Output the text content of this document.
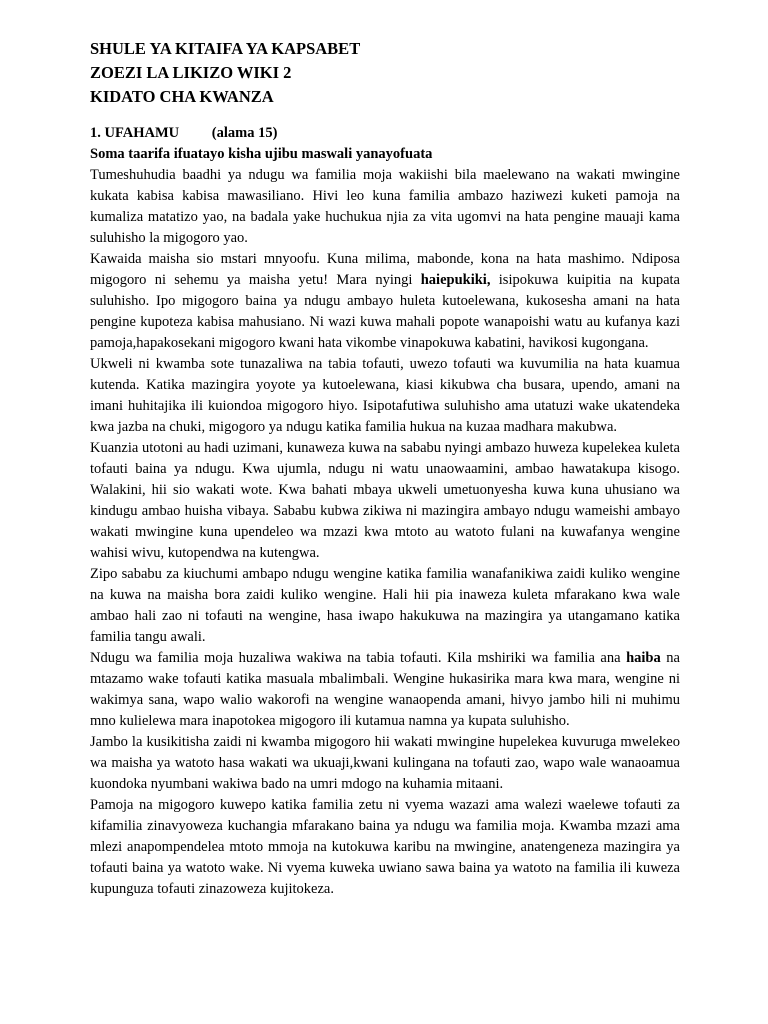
SHULE YA KITAIFA YA KAPSABET

ZOEZI LA LIKIZO WIKI 2

KIDATO CHA KWANZA

1. UFAHAMU (alama 15)

Soma taarifa ifuatayo kisha ujibu maswali yanayofuata

Tumeshuhudia baadhi ya ndugu wa familia moja wakiishi bila maelewano na wakati mwingine kukata kabisa kabisa mawasiliano. Hivi leo kuna familia ambazo haziwezi kuketi pamoja na kumaliza matatizo yao, na badala yake huchukua njia za vita ugomvi na hata pengine mauaji kama suluhisho la migogoro yao.

Kawaida maisha sio mstari mnyoofu. Kuna milima, mabonde, kona na hata mashimo. Ndiposa migogoro ni sehemu ya maisha yetu! Mara nyingi haiepukiki, isipokuwa kuipitia na kupata suluhisho. Ipo migogoro baina ya ndugu ambayo huleta kutoelewana, kukosesha amani na hata pengine kupoteza kabisa mahusiano. Ni wazi kuwa mahali popote wanapoishi watu au kufanya kazi pamoja,hapakosekani migogoro kwani hata vikombe vinapokuwa kabatini, havikosi kugongana.

Ukweli ni kwamba sote tunazaliwa na tabia tofauti, uwezo tofauti wa kuvumilia na hata kuamua kutenda. Katika mazingira yoyote ya kutoelewana, kiasi kikubwa cha busara, upendo, amani na imani huhitajika ili kuiondoa migogoro hiyo. Isipotafutiwa suluhisho ama utatuzi wake ukatendeka kwa jazba na chuki, migogoro ya ndugu katika familia hukua na kuzaa madhara makubwa.

Kuanzia utotoni au hadi uzimani, kunaweza kuwa na sababu nyingi ambazo huweza kupelekea kuleta tofauti baina ya ndugu. Kwa ujumla, ndugu ni watu unaowaamini, ambao hawatakupa kisogo. Walakini, hii sio wakati wote. Kwa bahati mbaya ukweli umetuonyesha kuwa kuna uhusiano wa kindugu ambao huisha vibaya. Sababu kubwa zikiwa ni mazingira ambayo ndugu wameishi ambayo wakati mwingine kuna upendeleo wa mzazi kwa mtoto au watoto fulani na kuwafanya wengine wahisi wivu, kutopendwa na kutengwa.

Zipo sababu za kiuchumi ambapo ndugu wengine katika familia wanafanikiwa zaidi kuliko wengine na kuwa na maisha bora zaidi kuliko wengine. Hali hii pia inaweza kuleta mfarakano kwa wale ambao hali zao ni tofauti na wengine, hasa iwapo hakukuwa na mazingira ya utangamano katika familia tangu awali.

Ndugu wa familia moja huzaliwa wakiwa na tabia tofauti. Kila mshiriki wa familia ana haiba na mtazamo wake tofauti katika masuala mbalimbali. Wengine hukasirika mara kwa mara, wengine ni wakimya sana, wapo walio wakorofi na wengine wanaopenda amani, hivyo jambo hili ni muhimu mno kulielewa mara inapotokea migogoro ili kutamua namna ya kupata suluhisho.

Jambo la kusikitisha zaidi ni kwamba migogoro hii wakati mwingine hupelekea kuvuruga mwelekeo wa maisha ya watoto hasa wakati wa ukuaji,kwani kulingana na tofauti zao, wapo wale wanaoamua kuondoka nyumbani wakiwa bado na umri mdogo na kuhamia mitaani.

Pamoja na migogoro kuwepo katika familia zetu ni vyema wazazi ama walezi waelewe tofauti za kifamilia zinavyoweza kuchangia mfarakano baina ya ndugu wa familia moja. Kwamba mzazi ama mlezi anapompendelea mtoto mmoja na kutokuwa karibu na mwingine, anatengeneza mazingira ya tofauti baina ya watoto wake. Ni vyema kuweka uwiano sawa baina ya watoto na familia ili kuweza kupunguza tofauti zinazoweza kujitokeza.
